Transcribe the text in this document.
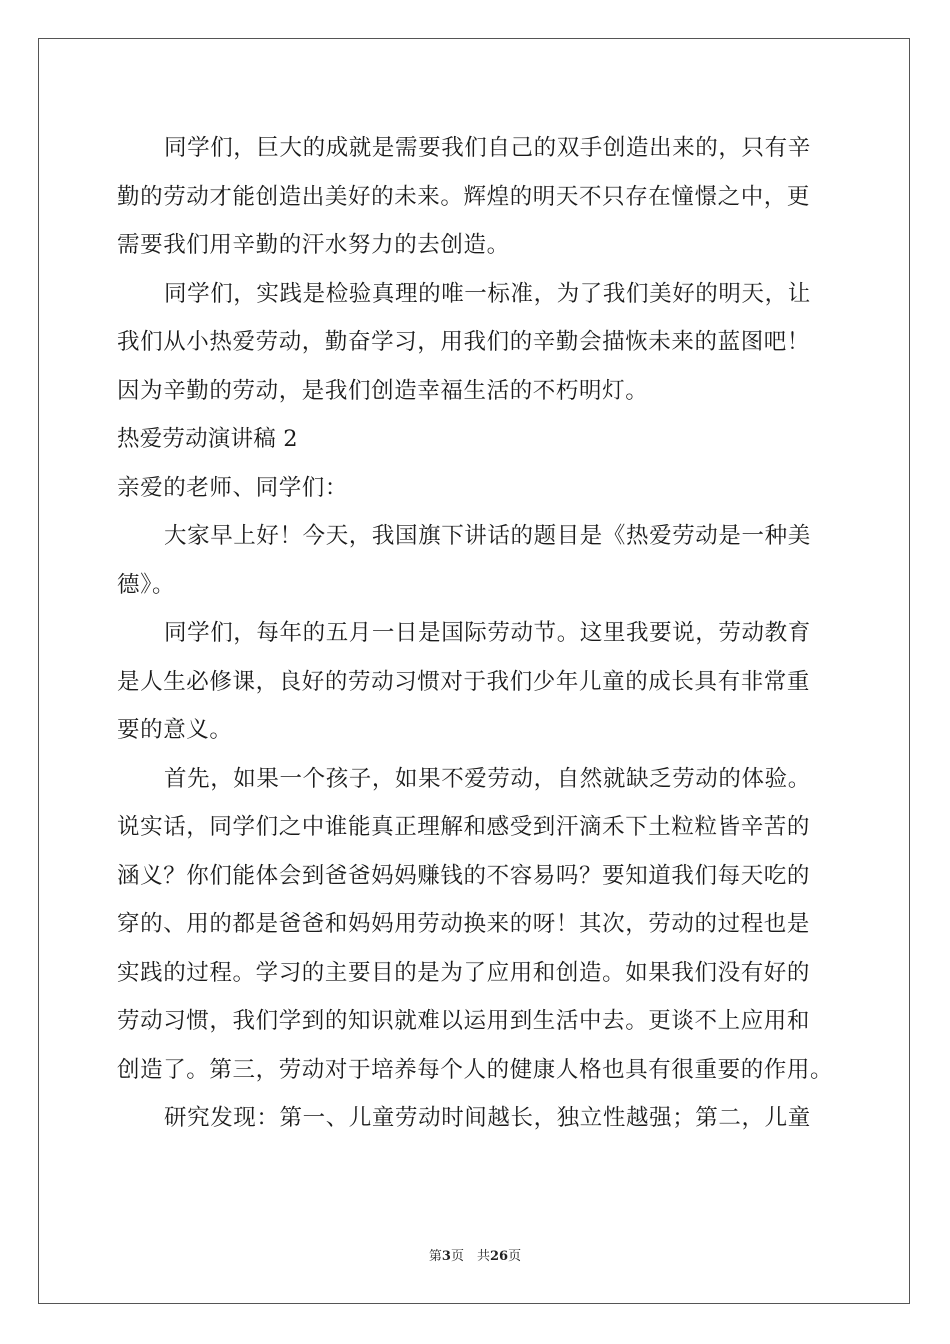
同学们，巨大的成就是需要我们自己的双手创造出来的，只有辛
勤的劳动才能创造出美好的未来。辉煌的明天不只存在憧憬之中，更
需要我们用辛勤的汗水努力的去创造。
同学们，实践是检验真理的唯一标准，为了我们美好的明天，让
我们从小热爱劳动，勤奋学习，用我们的辛勤会描恢未来的蓝图吧！
因为辛勤的劳动，是我们创造幸福生活的不朽明灯。
热爱劳动演讲稿 2
亲爱的老师、同学们：
大家早上好！今天，我国旗下讲话的题目是《热爱劳动是一种美
德》。
同学们，每年的五月一日是国际劳动节。这里我要说，劳动教育
是人生必修课，良好的劳动习惯对于我们少年儿童的成长具有非常重
要的意义。
首先，如果一个孩子，如果不爱劳动，自然就缺乏劳动的体验。
说实话，同学们之中谁能真正理解和感受到汗滴禾下土粒粒皆辛苦的
涵义？你们能体会到爸爸妈妈赚钱的不容易吗？要知道我们每天吃的
穿的、用的都是爸爸和妈妈用劳动换来的呀！其次，劳动的过程也是
实践的过程。学习的主要目的是为了应用和创造。如果我们没有好的
劳动习惯，我们学到的知识就难以运用到生活中去。更谈不上应用和
创造了。第三，劳动对于培养每个人的健康人格也具有很重要的作用。
研究发现：第一、儿童劳动时间越长，独立性越强；第二，儿童
第3页　共26页
